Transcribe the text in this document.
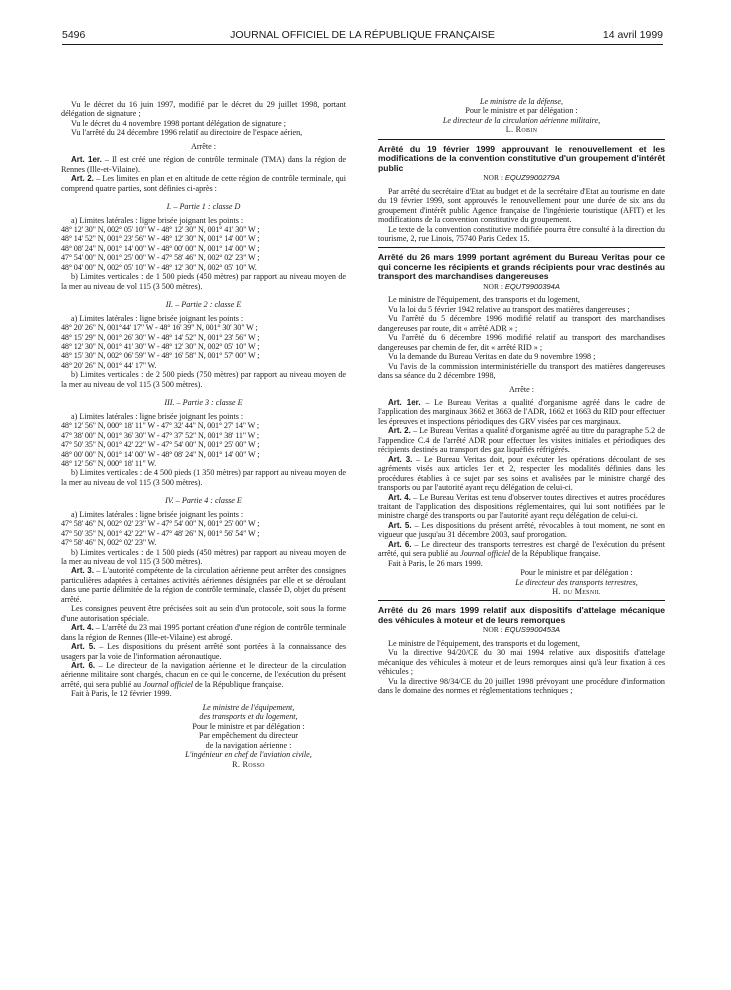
5496	JOURNAL OFFICIEL DE LA RÉPUBLIQUE FRANÇAISE	14 avril 1999

Vu le décret du 16 juin 1997, modifié par le décret du 29 juillet 1998, portant délégation de signature ;

Vu le décret du 4 novembre 1998 portant délégation de signature ;

Vu l'arrêté du 24 décembre 1996 relatif au directoire de l'espace aérien,

Arrête :

Art. 1er. – Il est créé une région de contrôle terminale (TMA) dans la région de Rennes (Ille-et-Vilaine).

Art. 2. – Les limites en plan et en altitude de cette région de contrôle terminale, qui comprend quatre parties, sont définies ci-après :

I. – Partie 1 : classe D

a) Limites latérales : ligne brisée joignant les points :

48° 12' 30" N, 002° 05' 10" W - 48° 12' 30" N, 001° 41' 30" W ;

48° 14' 52" N, 001° 23' 56" W - 48° 12' 30" N, 001° 14' 00" W ;

48° 08' 24" N, 001° 14' 00" W - 48° 00' 00" N, 001° 14' 00" W ;

47° 54' 00" N, 001° 25' 00" W - 47° 58' 46" N, 002° 02' 23" W ;

48° 04' 00" N, 002° 05' 10" W - 48° 12' 30" N, 002° 05' 10" W.

b) Limites verticales : de 1 500 pieds (450 mètres) par rapport au niveau moyen de la mer au niveau de vol 115 (3 500 mètres).

II. – Partie 2 : classe E

a) Limites latérales : ligne brisée joignant les points :

48° 20' 26" N, 001°44' 17" W - 48° 16' 39" N, 001° 30' 30" W ;

48° 15' 29" N, 001° 26' 30" W - 48° 14' 52" N, 001° 23' 56" W ;

48° 12' 30" N, 001° 41' 30" W - 48° 12' 30" N, 002° 05' 10" W ;

48° 15' 30" N, 002° 06' 59" W - 48° 16' 58" N, 001° 57' 00" W ;

48° 20' 26" N, 001° 44' 17" W.

b) Limites verticales : de 2 500 pieds (750 mètres) par rapport au niveau moyen de la mer au niveau de vol 115 (3 500 mètres).

III. – Partie 3 : classe E

a) Limites latérales : ligne brisée joignant les points :

48° 12' 56" N, 000° 18' 11" W - 47° 32' 44" N, 001° 27' 14" W ;

47° 38' 00" N, 001° 36' 30" W - 47° 37' 52" N, 001° 38' 11" W ;

47° 50' 35" N, 001° 42' 22" W - 47° 54' 00" N, 001° 25' 00" W ;

48° 00' 00" N, 001° 14' 00" W - 48° 08' 24" N, 001° 14' 00" W ;

48° 12' 56" N, 000° 18' 11" W.

b) Limites verticales : de 4 500 pieds (1 350 mètres) par rapport au niveau moyen de la mer au niveau de vol 115 (3 500 mètres).

IV. – Partie 4 : classe E

a) Limites latérales : ligne brisée joignant les points :

47° 58' 46" N, 002° 02' 23" W - 47° 54' 00" N, 001° 25' 00" W ;

47° 50' 35" N, 001° 42' 22" W - 47° 48' 26" N, 001° 56' 54" W ;

47° 58' 46" N, 002° 02' 23" W.

b) Limites verticales : de 1 500 pieds (450 mètres) par rapport au niveau moyen de la mer au niveau de vol 115 (3 500 mètres).

Art. 3. – L'autorité compétente de la circulation aérienne peut arrêter des consignes particulières adaptées à certaines activités aériennes désignées par elle et se déroulant dans une partie délimitée de la région de contrôle terminale, classée D, objet du présent arrêté.

Les consignes peuvent être précisées soit au sein d'un protocole, soit sous la forme d'une autorisation spéciale.

Art. 4. – L'arrêté du 23 mai 1995 portant création d'une région de contrôle terminale dans la région de Rennes (Ille-et-Vilaine) est abrogé.

Art. 5. – Les dispositions du présent arrêté sont portées à la connaissance des usagers par la voie de l'information aéronautique.

Art. 6. – Le directeur de la navigation aérienne et le directeur de la circulation aérienne militaire sont chargés, chacun en ce qui le concerne, de l'exécution du présent arrêté, qui sera publié au Journal officiel de la République française.

Fait à Paris, le 12 février 1999.

Le ministre de l'équipement,
des transports et du logement,
Pour le ministre et par délégation :
Par empêchement du directeur
de la navigation aérienne :
L'ingénieur en chef de l'aviation civile,
R. Rosso
Le ministre de la défense,
Pour le ministre et par délégation :
Le directeur de la circulation aérienne militaire,
L. Robin

Arrêté du 19 février 1999 approuvant le renouvellement et les modifications de la convention constitutive d'un groupement d'intérêt public

NOR : EQUZ9900279A

Par arrêté du secrétaire d'Etat au budget et de la secrétaire d'Etat au tourisme en date du 19 février 1999, sont approuvés le renouvellement pour une durée de six ans du groupement d'intérêt public Agence française de l'ingénierie touristique (AFIT) et les modifications de la convention constitutive du groupement.

Le texte de la convention constitutive modifiée pourra être consulté à la direction du tourisme, 2, rue Linois, 75740 Paris Cedex 15.

Arrêté du 26 mars 1999 portant agrément du Bureau Veritas pour ce qui concerne les récipients et grands récipients pour vrac destinés au transport des marchandises dangereuses

NOR : EQUT9900394A

Le ministre de l'équipement, des transports et du logement,

Vu la loi du 5 février 1942 relative au transport des matières dangereuses ;

Vu l'arrêté du 5 décembre 1996 modifié relatif au transport des marchandises dangereuses par route, dit « arrêté ADR » ;

Vu l'arrêté du 6 décembre 1996 modifié relatif au transport des marchandises dangereuses par chemin de fer, dit « arrêté RID » ;

Vu la demande du Bureau Veritas en date du 9 novembre 1998 ;

Vu l'avis de la commission interministérielle du transport des matières dangereuses dans sa séance du 2 décembre 1998,

Arrête :

Art. 1er. – Le Bureau Veritas a qualité d'organisme agréé dans le cadre de l'application des marginaux 3662 et 3663 de l'ADR, 1662 et 1663 du RID pour effectuer les épreuves et inspections périodiques des GRV visées par ces marginaux.

Art. 2. – Le Bureau Veritas a qualité d'organisme agréé au titre du paragraphe 5.2 de l'appendice C.4 de l'arrêté ADR pour effectuer les visites initiales et périodiques des récipients destinés au transport des gaz liquéfiés réfrigérés.

Art. 3. – Le Bureau Veritas doit, pour exécuter les opérations découlant de ses agréments visés aux articles 1er et 2, respecter les modalités définies dans les procédures établies à ce sujet par ses soins et avalisées par le ministre chargé des transports ou par l'autorité ayant reçu délégation de celui-ci.

Art. 4. – Le Bureau Veritas est tenu d'observer toutes directives et autres procédures traitant de l'application des dispositions réglementaires, qui lui sont notifiées par le ministre chargé des transports ou par l'autorité ayant reçu délégation de celui-ci.

Art. 5. – Les dispositions du présent arrêté, révocables à tout moment, ne sont en vigueur que jusqu'au 31 décembre 2003, sauf prorogation.

Art. 6. – Le directeur des transports terrestres est chargé de l'exécution du présent arrêté, qui sera publié au Journal officiel de la République française.

Fait à Paris, le 26 mars 1999.

Pour le ministre et par délégation :
Le directeur des transports terrestres,
H. du Mesnil

Arrêté du 26 mars 1999 relatif aux dispositifs d'attelage mécanique des véhicules à moteur et de leurs remorques

NOR : EQUS9900453A

Le ministre de l'équipement, des transports et du logement,

Vu la directive 94/20/CE du 30 mai 1994 relative aux dispositifs d'attelage mécanique des véhicules à moteur et de leurs remorques ainsi qu'à leur fixation à ces véhicules ;

Vu la directive 98/34/CE du 20 juillet 1998 prévoyant une procédure d'information dans le domaine des normes et réglementations techniques ;
